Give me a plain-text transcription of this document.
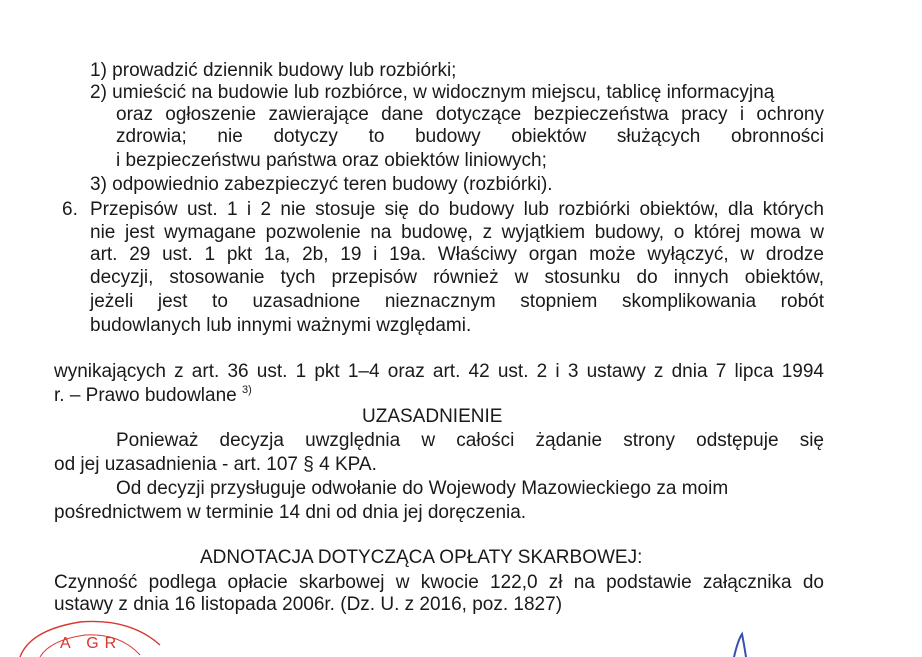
1) prowadzić dziennik budowy lub rozbiórki;
2) umieścić na budowie lub rozbiórce, w widocznym miejscu, tablicę informacyjną
oraz ogłoszenie zawierające dane dotyczące bezpieczeństwa pracy i ochrony
zdrowia; nie dotyczy to budowy obiektów służących obronności
i bezpieczeństwu państwa oraz obiektów liniowych;
3) odpowiednio zabezpieczyć teren budowy (rozbiórki).
6. Przepisów ust. 1 i 2 nie stosuje się do budowy lub rozbiórki obiektów, dla których
nie jest wymagane pozwolenie na budowę, z wyjątkiem budowy, o której mowa w
art. 29 ust. 1 pkt 1a, 2b, 19 i 19a. Właściwy organ może wyłączyć, w drodze
decyzji, stosowanie tych przepisów również w stosunku do innych obiektów,
jeżeli jest to uzasadnione nieznacznym stopniem skomplikowania robót
budowlanych lub innymi ważnymi względami.
wynikających z art. 36 ust. 1 pkt 1–4 oraz art. 42 ust. 2 i 3 ustawy z dnia 7 lipca 1994
r. – Prawo budowlane $^{3)}$
UZASADNIENIE
Ponieważ decyzja uwzględnia w całości żądanie strony odstępuje się
od jej uzasadnienia - art. 107 § 4 KPA.
Od decyzji przysługuje odwołanie do Wojewody Mazowieckiego za moim
pośrednictwem w terminie 14 dni od dnia jej doręczenia.
ADNOTACJA DOTYCZĄCA OPŁATY SKARBOWEJ:
Czynność podlega opłacie skarbowej w kwocie 122,0 zł na podstawie załącznika do
ustawy z dnia 16 listopada 2006r. (Dz. U. z 2016, poz. 1827)
A GR
